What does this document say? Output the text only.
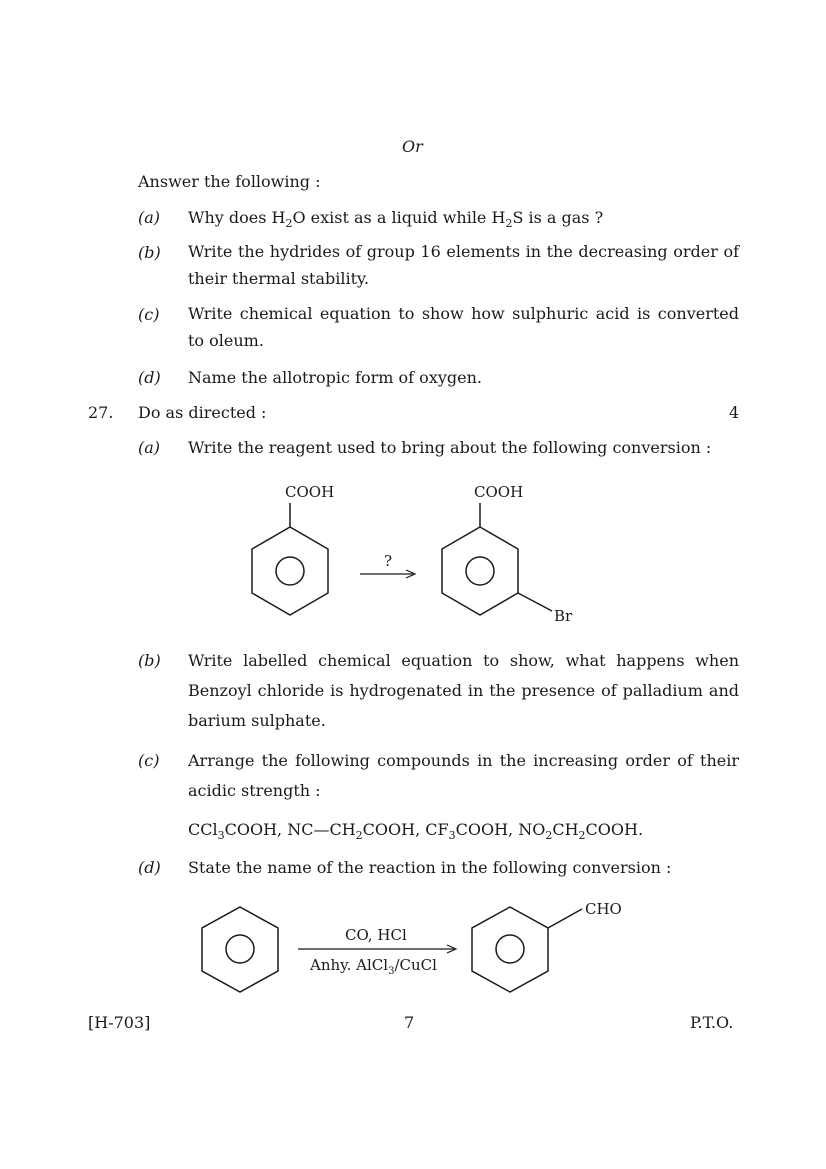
Or
Answer the following :
(a) Why does $H_2O$ exist as a liquid while $H_2S$ is a gas ?
(b) Write the hydrides of group 16 elements in the decreasing order of their thermal stability.
(c) Write chemical equation to show how sulphuric acid is converted to oleum.
(d) Name the allotropic form of oxygen.
27. Do as directed :	4
(a) Write the reagent used to bring about the following conversion :
COOH
?
COOH
Br
(b) Write labelled chemical equation to show, what happens when Benzoyl chloride is hydrogenated in the presence of palladium and barium sulphate.
(c) Arrange the following compounds in the increasing order of their acidic strength :
CCl$_3$COOH, $NC—CH_2COOH$, $CF_3COOH$, $NO_2CH_2COOH$.
(d) State the name of the reaction in the following conversion :
CO, HCl
Anhy. AlCl$_3$/CuCl
CHO
[H-703]	7	P.T.O.
